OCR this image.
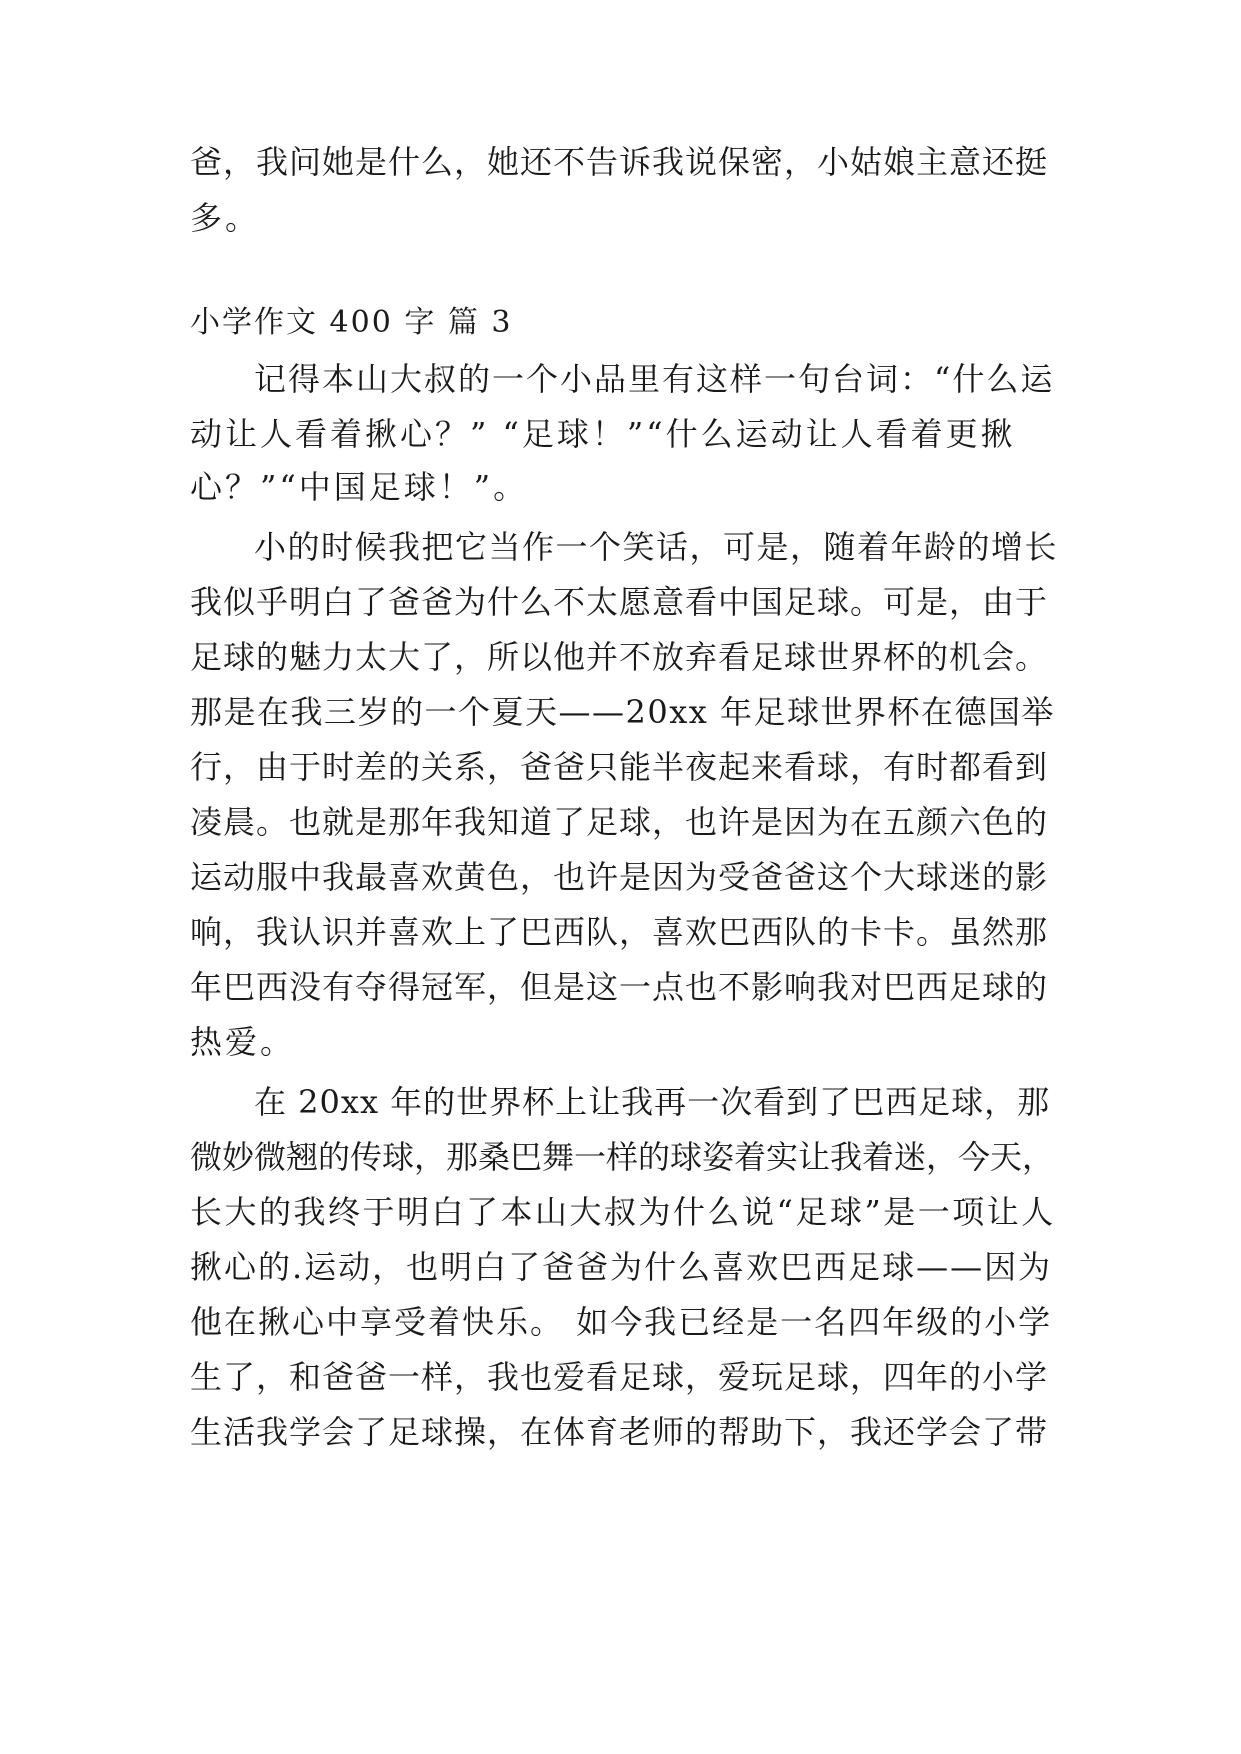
爸，我问她是什么，她还不告诉我说保密，小姑娘主意还挺
多。
小学作文 400 字 篇 3
记得本山大叔的一个小品里有这样一句台词：“什么运
动让人看着揪心？” “足球！”“什么运动让人看着更揪
心？”“中国足球！”。
小的时候我把它当作一个笑话，可是，随着年龄的增长
我似乎明白了爸爸为什么不太愿意看中国足球。可是，由于
足球的魅力太大了，所以他并不放弃看足球世界杯的机会。
那是在我三岁的一个夏天——20xx 年足球世界杯在德国举
行，由于时差的关系，爸爸只能半夜起来看球，有时都看到
凌晨。也就是那年我知道了足球，也许是因为在五颜六色的
运动服中我最喜欢黄色，也许是因为受爸爸这个大球迷的影
响，我认识并喜欢上了巴西队，喜欢巴西队的卡卡。虽然那
年巴西没有夺得冠军，但是这一点也不影响我对巴西足球的
热爱。
在 20xx 年的世界杯上让我再一次看到了巴西足球，那
微妙微翘的传球，那桑巴舞一样的球姿着实让我着迷，今天，
长大的我终于明白了本山大叔为什么说“足球”是一项让人
揪心的.运动，也明白了爸爸为什么喜欢巴西足球——因为
他在揪心中享受着快乐。 如今我已经是一名四年级的小学
生了，和爸爸一样，我也爱看足球，爱玩足球，四年的小学
生活我学会了足球操，在体育老师的帮助下，我还学会了带
